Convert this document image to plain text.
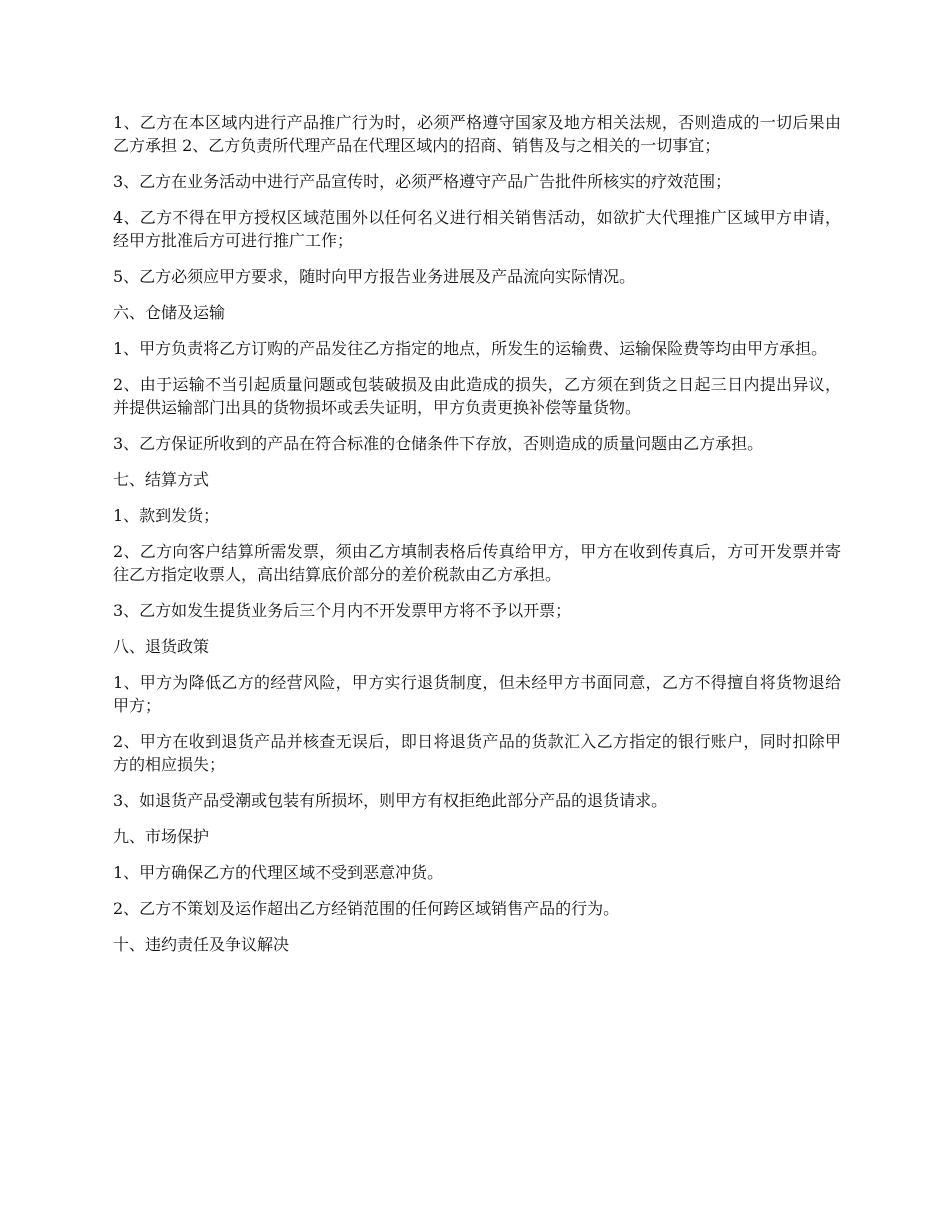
1、乙方在本区域内进行产品推广行为时，必须严格遵守国家及地方相关法规，否则造成的一切后果由乙方承担 2、乙方负责所代理产品在代理区域内的招商、销售及与之相关的一切事宜；

3、乙方在业务活动中进行产品宣传时，必须严格遵守产品广告批件所核实的疗效范围；

4、乙方不得在甲方授权区域范围外以任何名义进行相关销售活动，如欲扩大代理推广区域甲方申请，经甲方批准后方可进行推广工作；

5、乙方必须应甲方要求，随时向甲方报告业务进展及产品流向实际情况。

六、仓储及运输

1、甲方负责将乙方订购的产品发往乙方指定的地点，所发生的运输费、运输保险费等均由甲方承担。

2、由于运输不当引起质量问题或包装破损及由此造成的损失，乙方须在到货之日起三日内提出异议，并提供运输部门出具的货物损坏或丢失证明，甲方负责更换补偿等量货物。

3、乙方保证所收到的产品在符合标准的仓储条件下存放，否则造成的质量问题由乙方承担。

七、结算方式

1、款到发货；

2、乙方向客户结算所需发票，须由乙方填制表格后传真给甲方，甲方在收到传真后，方可开发票并寄往乙方指定收票人，高出结算底价部分的差价税款由乙方承担。

3、乙方如发生提货业务后三个月内不开发票甲方将不予以开票；

八、退货政策

1、甲方为降低乙方的经营风险，甲方实行退货制度，但未经甲方书面同意，乙方不得擅自将货物退给甲方；

2、甲方在收到退货产品并核查无误后，即日将退货产品的货款汇入乙方指定的银行账户，同时扣除甲方的相应损失；

3、如退货产品受潮或包装有所损坏，则甲方有权拒绝此部分产品的退货请求。

九、市场保护

1、甲方确保乙方的代理区域不受到恶意冲货。

2、乙方不策划及运作超出乙方经销范围的任何跨区域销售产品的行为。

十、违约责任及争议解决
